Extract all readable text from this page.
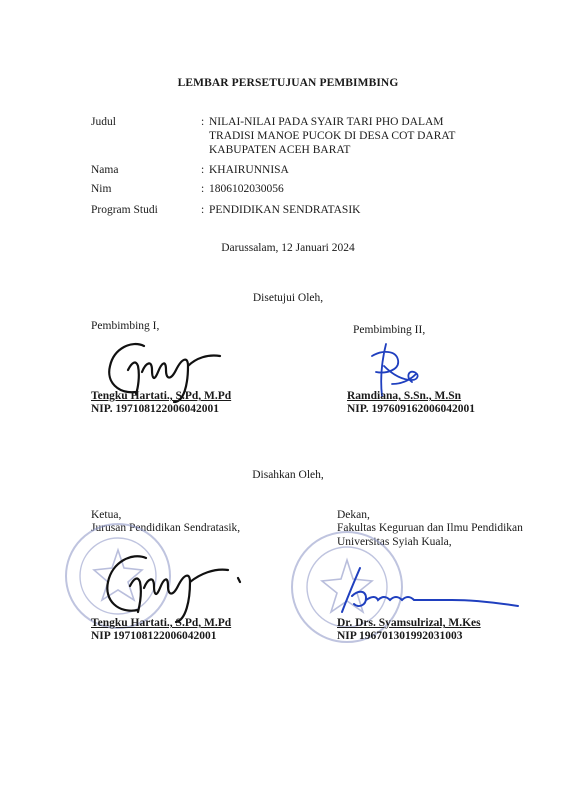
LEMBAR PERSETUJUAN PEMBIMBING
Judul	: NILAI-NILAI PADA SYAIR TARI PHO DALAM
TRADISI MANOE PUCOK DI DESA COT DARAT
KABUPATEN ACEH BARAT
Nama	: KHAIRUNNISA
Nim	: 1806102030056
Program Studi	: PENDIDIKAN SENDRATASIK
Darussalam, 12 Januari 2024
Disetujui Oleh,
Pembimbing I,
Tengku Hartati., S.Pd, M.Pd
NIP. 197108122006042001
Pembimbing II,
Ramdiana, S.Sn., M.Sn
NIP. 197609162006042001
Disahkan Oleh,
Ketua,
Jurusan Pendidikan Sendratasik,
Tengku Hartati., S.Pd, M.Pd
NIP 197108122006042001
Dekan,
Fakultas Keguruan dan Ilmu Pendidikan
Universitas Syiah Kuala,
Dr. Drs. Syamsulrizal, M.Kes
NIP 196701301992031003
